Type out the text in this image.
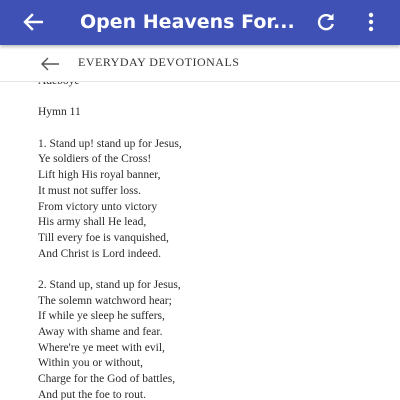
Open Heavens For...
EVERYDAY DEVOTIONALS
Hymn 11
1. Stand up! stand up for Jesus,
Ye soldiers of the Cross!
Lift high His royal banner,
It must not suffer loss.
From victory unto victory
His army shall He lead,
Till every foe is vanquished,
And Christ is Lord indeed.
2. Stand up, stand up for Jesus,
The solemn watchword hear;
If while ye sleep he suffers,
Away with shame and fear.
Where're ye meet with evil,
Within you or without,
Charge for the God of battles,
And put the foe to rout.
